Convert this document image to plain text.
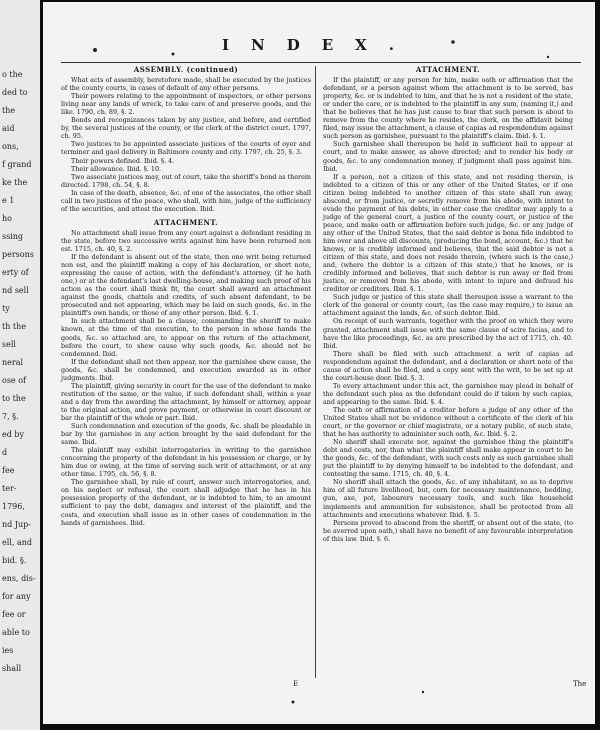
o the
ded to
the
aid
ons,
f grand
ke the
e 1
ho
ssing
persons
erty of
nd sell
ty
th the
sell
neral
ose of
to the
7, §.
ed by
d
fee
ter-
1796,
nd Jup-
ell, and
bid. §.
ens, dis-
for any
fee or
able to
ies
shall
INDEX.
ASSEMBLY. (continued)

What acts of assembly, heretofore made, shall be executed by the justices of the county courts, in cases of default of any other persons.

Their powers relating to the appointment of inspectors, or other persons living near any lands of wreck, to take care of and preserve goods, and the like. 1790, ch. 89, §. 2.

Bonds and recognizances taken by any justice, and before, and certified by, the several justices of the county, or the clerk of the district court. 1797, ch. 95.

Two justices to be appointed associate justices of the courts of oyer and terminer and gaol delivery in Baltimore county and city. 1797, ch. 25, §. 3.

Their powers defined. Ibid. §. 4.

Their allowance. Ibid. §. 10.

Two associate justices may, out of court, take the sheriff's bond as therein directed. 1798, ch. 54, §. 8.

In case of the death, absence, &c. of one of the associates, the other shall call in two justices of the peace, who shall, with him, judge of the sufficiency of the securities, and attest the execution. Ibid.

ATTACHMENT.

No attachment shall issue from any court against a defendant residing in the state, before two successive writs against him have been returned non est. 1715, ch. 40, §. 2.

If the defendant is absent out of the state, then one writ being returned non est, and the plaintiff making a copy of his declaration, or short note, expressing the cause of action, with the defendant's attorney, (if he hath one,) or at the defendant's last dwelling-house, and making such proof of his action as the court shall think fit, the court shall award an attachment against the goods, chattels and credits, of such absent defendant, to be prosecuted and not appearing, which may be laid on such goods, &c. in the plaintiff's own hands, or those of any other person. Ibid. §. 1.

In such attachment shall be a clause, commanding the sheriff to make known, at the time of the execution, to the person in whose hands the goods, &c. so attached are, to appear on the return of the attachment, before the court, to shew cause why such goods, &c. should not be condemned. Ibid.

If the defendant shall not then appear, nor the garnishee shew cause, the goods, &c. shall be condemned, and execution awarded as in other judgments. Ibid.

The plaintiff, giving security in court for the use of the defendant to make restitution of the same, or the value, if such defendant shall, within a year and a day from the awarding the attachment, by himself or attorney, appear to the original action, and prove payment, or otherwise in court discount or bar the plaintiff of the whole or part. Ibid.

Such condemnation and execution of the goods, &c. shall be pleadable in bar by the garnishee in any action brought by the said defendant for the same. Ibid.

The plaintiff may exhibit interrogatories in writing to the garnishee concerning the property of the defendant in his possession or charge, or by him due or owing, at the time of serving such writ of attachment, or at any other time. 1795, ch. 56, §. 8.

The garnishee shall, by rule of court, answer such interrogatories, and, on his neglect or refusal, the court shall adjudge that he has in his possession property of the defendant, or is indebted to him, to an amount sufficient to pay the debt, damages and interest of the plaintiff, and the costs, and execution shall issue as in other cases of condemnation in the hands of garnishees. Ibid.

ATTACHMENT.

If the plaintiff, or any person for him, make oath or affirmation that the defendant, or a person against whom the attachment is to be served, has property, &c. or is indebted to him, and that he is not a resident of the state, or under the care, or is indebted to the plaintiff in any sum, (naming it,) and that he believes that he has just cause to fear that such person is about to remove from the county where he resides, the clerk, on the affidavit being filed, may issue the attachment, a clause of capias ad respondendum against such person as garnishee, pursuant to the plaintiff's claim. Ibid. §. 1.

Such garnishee shall thereupon be held in sufficient bail to appear at court, and to make answer, as above directed; and to render his body or goods, &c. to any condemnation money, if judgment shall pass against him. Ibid.

If a person, not a citizen of this state, and not residing therein, is indebted to a citizen of this or any other of the United States, or if one citizen being indebted to another citizen of this state shall run away, abscond, or from justice, or secretly remove from his abode, with intent to evade the payment of his debts, in either case the creditor may apply to a judge of the general court, a justice of the county court, or justice of the peace, and make oath or affirmation before such judge, &c. or any judge of any other of the United States, that the said debtor is bona fide indebted to him over and above all discounts, (producing the bond, account, &c.) that he knows, or is credibly informed and believes, that the said debtor is not a citizen of this state, and does not reside therein, (where such is the case,) and, (where the debtor is a citizen of this state,) that he knows, or is credibly informed and believes, that such debtor is run away or fled from justice, or removed from his abode, with intent to injure and defraud his creditor or creditors. Ibid. §. 1.

Such judge or justice of this state shall thereupon issue a warrant to the clerk of the general or county court, (as the case may require,) to issue an attachment against the lands, &c. of such debtor. Ibid.

On receipt of such warrants, together with the proof on which they were granted, attachment shall issue with the same clause of scire facias, and to have the like proceedings, &c. as are prescribed by the act of 1715, ch. 40. Ibid.

There shall be filed with such attachment a writ of capias ad respondendum against the defendant, and a declaration or short note of the cause of action shall be filed, and a copy sent with the writ, to be set up at the court-house door. Ibid. §. 3.

To every attachment under this act, the garnishee may plead in behalf of the defendant such plea as the defendant could do if taken by such capias, and appearing to the same. Ibid. §. 4.

The oath or affirmation of a creditor before a judge of any other of the United States shall not be evidence without a certificate of the clerk of his court, or the governor or chief magistrate, or a notary public, of such state, that he has authority to administer such oath, &c. Ibid. §. 2.

No sheriff shall execute nor, against the garnishee thing the plaintiff's debt and costs, nor, than what the plaintiff shall make appear in court to be the goods, &c. of the defendant, with such costs only as such garnishee shall put the plaintiff to by denying himself to be indebted to the defendant, and contesting the same. 1715, ch. 40, §. 4.

No sheriff shall attach the goods, &c. of any inhabitant, so as to deprive him of all future livelihood, but, corn for necessary maintenance, bedding, gun, axe, pot, labourers necessary tools, and such like household implements and ammunition for subsistence, shall be protected from all attachments and executions whatever. Ibid. §. 5.

Persons proved to abscond from the sheriff, or absent out of the state, (to be averred upon oath,) shall have no benefit of any favourable interpretation of this law. Ibid. §. 6.

E	The
